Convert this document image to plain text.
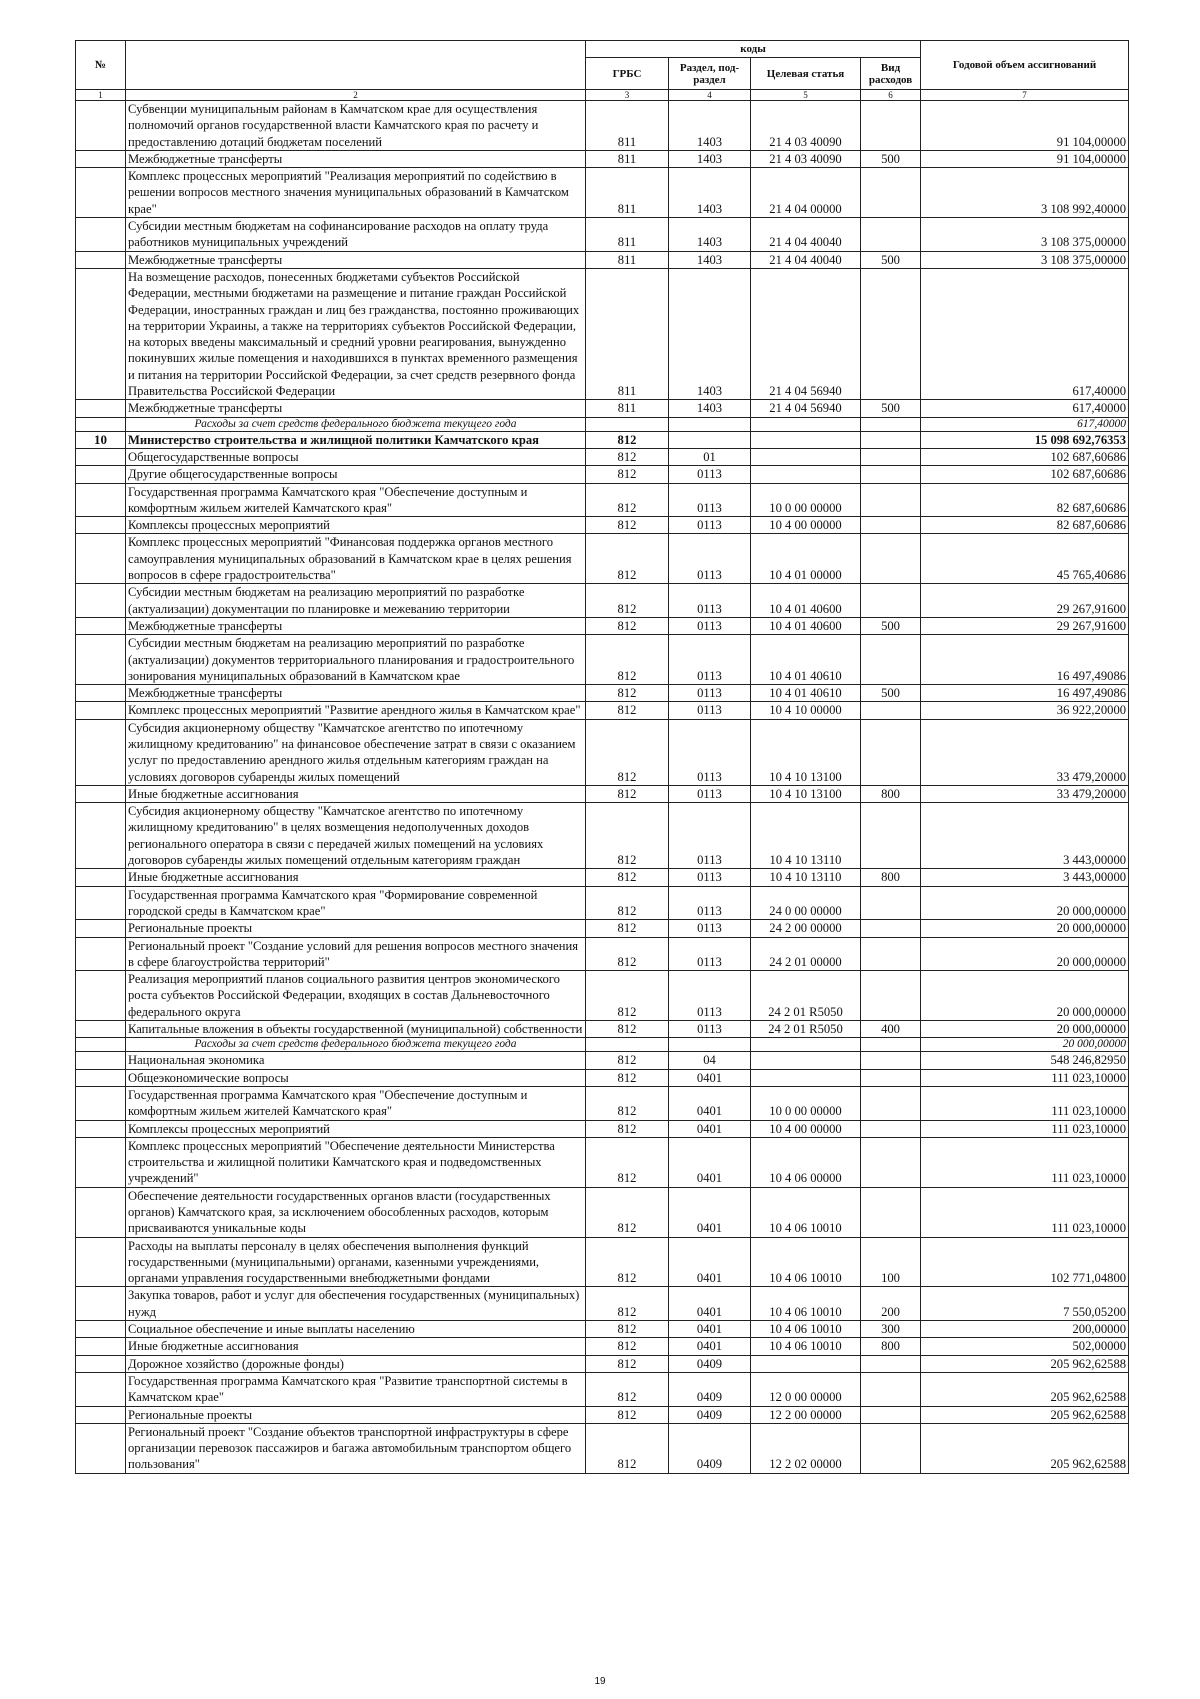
№		коды				Годовой объем ассигнований
		ГРБС	Раздел, под-раздел	Целевая статья	Вид расходов	
1	2	3	4	5	6	7
	Субвенции муниципальным районам в Камчатском крае для осуществления полномочий органов государственной власти Камчатского края по расчету и предоставлению дотаций бюджетам поселений	811	1403	21 4 03 40090		91 104,00000
	Межбюджетные трансферты	811	1403	21 4 03 40090	500	91 104,00000
	Комплекс процессных мероприятий "Реализация мероприятий по содействию в решении вопросов местного значения муниципальных образований в Камчатском крае"	811	1403	21 4 04 00000		3 108 992,40000
	Субсидии местным бюджетам на софинансирование расходов на оплату труда работников муниципальных учреждений	811	1403	21 4 04 40040		3 108 375,00000
	Межбюджетные трансферты	811	1403	21 4 04 40040	500	3 108 375,00000
	На возмещение расходов, понесенных бюджетами субъектов Российской Федерации, местными бюджетами на размещение и питание граждан Российской Федерации, иностранных граждан и лиц без гражданства, постоянно проживающих на территории Украины, а также на территориях субъектов Российской Федерации, на которых введены максимальный и средний уровни реагирования, вынужденно покинувших жилые помещения и находившихся в пунктах временного размещения и питания на территории Российской Федерации, за счет средств резервного фонда Правительства Российской Федерации	811	1403	21 4 04 56940		617,40000
	Межбюджетные трансферты	811	1403	21 4 04 56940	500	617,40000
	Расходы за счет средств федерального бюджета текущего года					617,40000
10	Министерство строительства и жилищной политики Камчатского края	812				15 098 692,76353
	Общегосударственные вопросы	812	01			102 687,60686
	Другие общегосударственные вопросы	812	0113			102 687,60686
	Государственная программа Камчатского края "Обеспечение доступным и комфортным жильем жителей Камчатского края"	812	0113	10 0 00 00000		82 687,60686
	Комплексы процессных мероприятий	812	0113	10 4 00 00000		82 687,60686
	Комплекс процессных мероприятий "Финансовая поддержка органов местного самоуправления муниципальных образований в Камчатском крае в целях решения вопросов в сфере градостроительства"	812	0113	10 4 01 00000		45 765,40686
	Субсидии местным бюджетам на реализацию мероприятий по разработке (актуализации) документации по планировке и межеванию территории	812	0113	10 4 01 40600		29 267,91600
	Межбюджетные трансферты	812	0113	10 4 01 40600	500	29 267,91600
	Субсидии местным бюджетам на реализацию мероприятий по разработке (актуализации) документов территориального планирования и градостроительного зонирования муниципальных образований в Камчатском крае	812	0113	10 4 01 40610		16 497,49086
	Межбюджетные трансферты	812	0113	10 4 01 40610	500	16 497,49086
	Комплекс процессных мероприятий "Развитие арендного жилья в Камчатском крае"	812	0113	10 4 10 00000		36 922,20000
	Субсидия акционерному обществу "Камчатское агентство по ипотечному жилищному кредитованию" на финансовое обеспечение затрат в связи с оказанием услуг по предоставлению арендного жилья отдельным категориям граждан на условиях договоров субаренды жилых помещений	812	0113	10 4 10 13100		33 479,20000
	Иные бюджетные ассигнования	812	0113	10 4 10 13100	800	33 479,20000
	Субсидия акционерному обществу "Камчатское агентство по ипотечному жилищному кредитованию" в целях возмещения недополученных доходов регионального оператора в связи с передачей жилых помещений на условиях договоров субаренды жилых помещений отдельным категориям граждан	812	0113	10 4 10 13110		3 443,00000
	Иные бюджетные ассигнования	812	0113	10 4 10 13110	800	3 443,00000
	Государственная программа Камчатского края "Формирование современной городской среды в Камчатском крае"	812	0113	24 0 00 00000		20 000,00000
	Региональные проекты	812	0113	24 2 00 00000		20 000,00000
	Региональный проект "Создание условий для решения вопросов местного значения в сфере благоустройства территорий"	812	0113	24 2 01 00000		20 000,00000
	Реализация мероприятий планов социального развития центров экономического роста субъектов Российской Федерации, входящих в состав Дальневосточного федерального округа	812	0113	24 2 01 R5050		20 000,00000
	Капитальные вложения в объекты государственной (муниципальной) собственности	812	0113	24 2 01 R5050	400	20 000,00000
	Расходы за счет средств федерального бюджета текущего года					20 000,00000
	Национальная экономика	812	04			548 246,82950
	Общеэкономические вопросы	812	0401			111 023,10000
	Государственная программа Камчатского края "Обеспечение доступным и комфортным жильем жителей Камчатского края"	812	0401	10 0 00 00000		111 023,10000
	Комплексы процессных мероприятий	812	0401	10 4 00 00000		111 023,10000
	Комплекс процессных мероприятий "Обеспечение деятельности Министерства строительства и жилищной политики Камчатского края и подведомственных учреждений"	812	0401	10 4 06 00000		111 023,10000
	Обеспечение деятельности государственных органов власти (государственных органов) Камчатского края, за исключением обособленных расходов, которым присваиваются уникальные коды	812	0401	10 4 06 10010		111 023,10000
	Расходы на выплаты персоналу в целях обеспечения выполнения функций государственными (муниципальными) органами, казенными учреждениями, органами управления государственными внебюджетными фондами	812	0401	10 4 06 10010	100	102 771,04800
	Закупка товаров, работ и услуг для обеспечения государственных (муниципальных) нужд	812	0401	10 4 06 10010	200	7 550,05200
	Социальное обеспечение и иные выплаты населению	812	0401	10 4 06 10010	300	200,00000
	Иные бюджетные ассигнования	812	0401	10 4 06 10010	800	502,00000
	Дорожное хозяйство (дорожные фонды)	812	0409			205 962,62588
	Государственная программа Камчатского края "Развитие транспортной системы в Камчатском крае"	812	0409	12 0 00 00000		205 962,62588
	Региональные проекты	812	0409	12 2 00 00000		205 962,62588
	Региональный проект "Создание объектов транспортной инфраструктуры в сфере организации перевозок пассажиров и багажа автомобильным транспортом общего пользования"	812	0409	12 2 02 00000		205 962,62588
19
